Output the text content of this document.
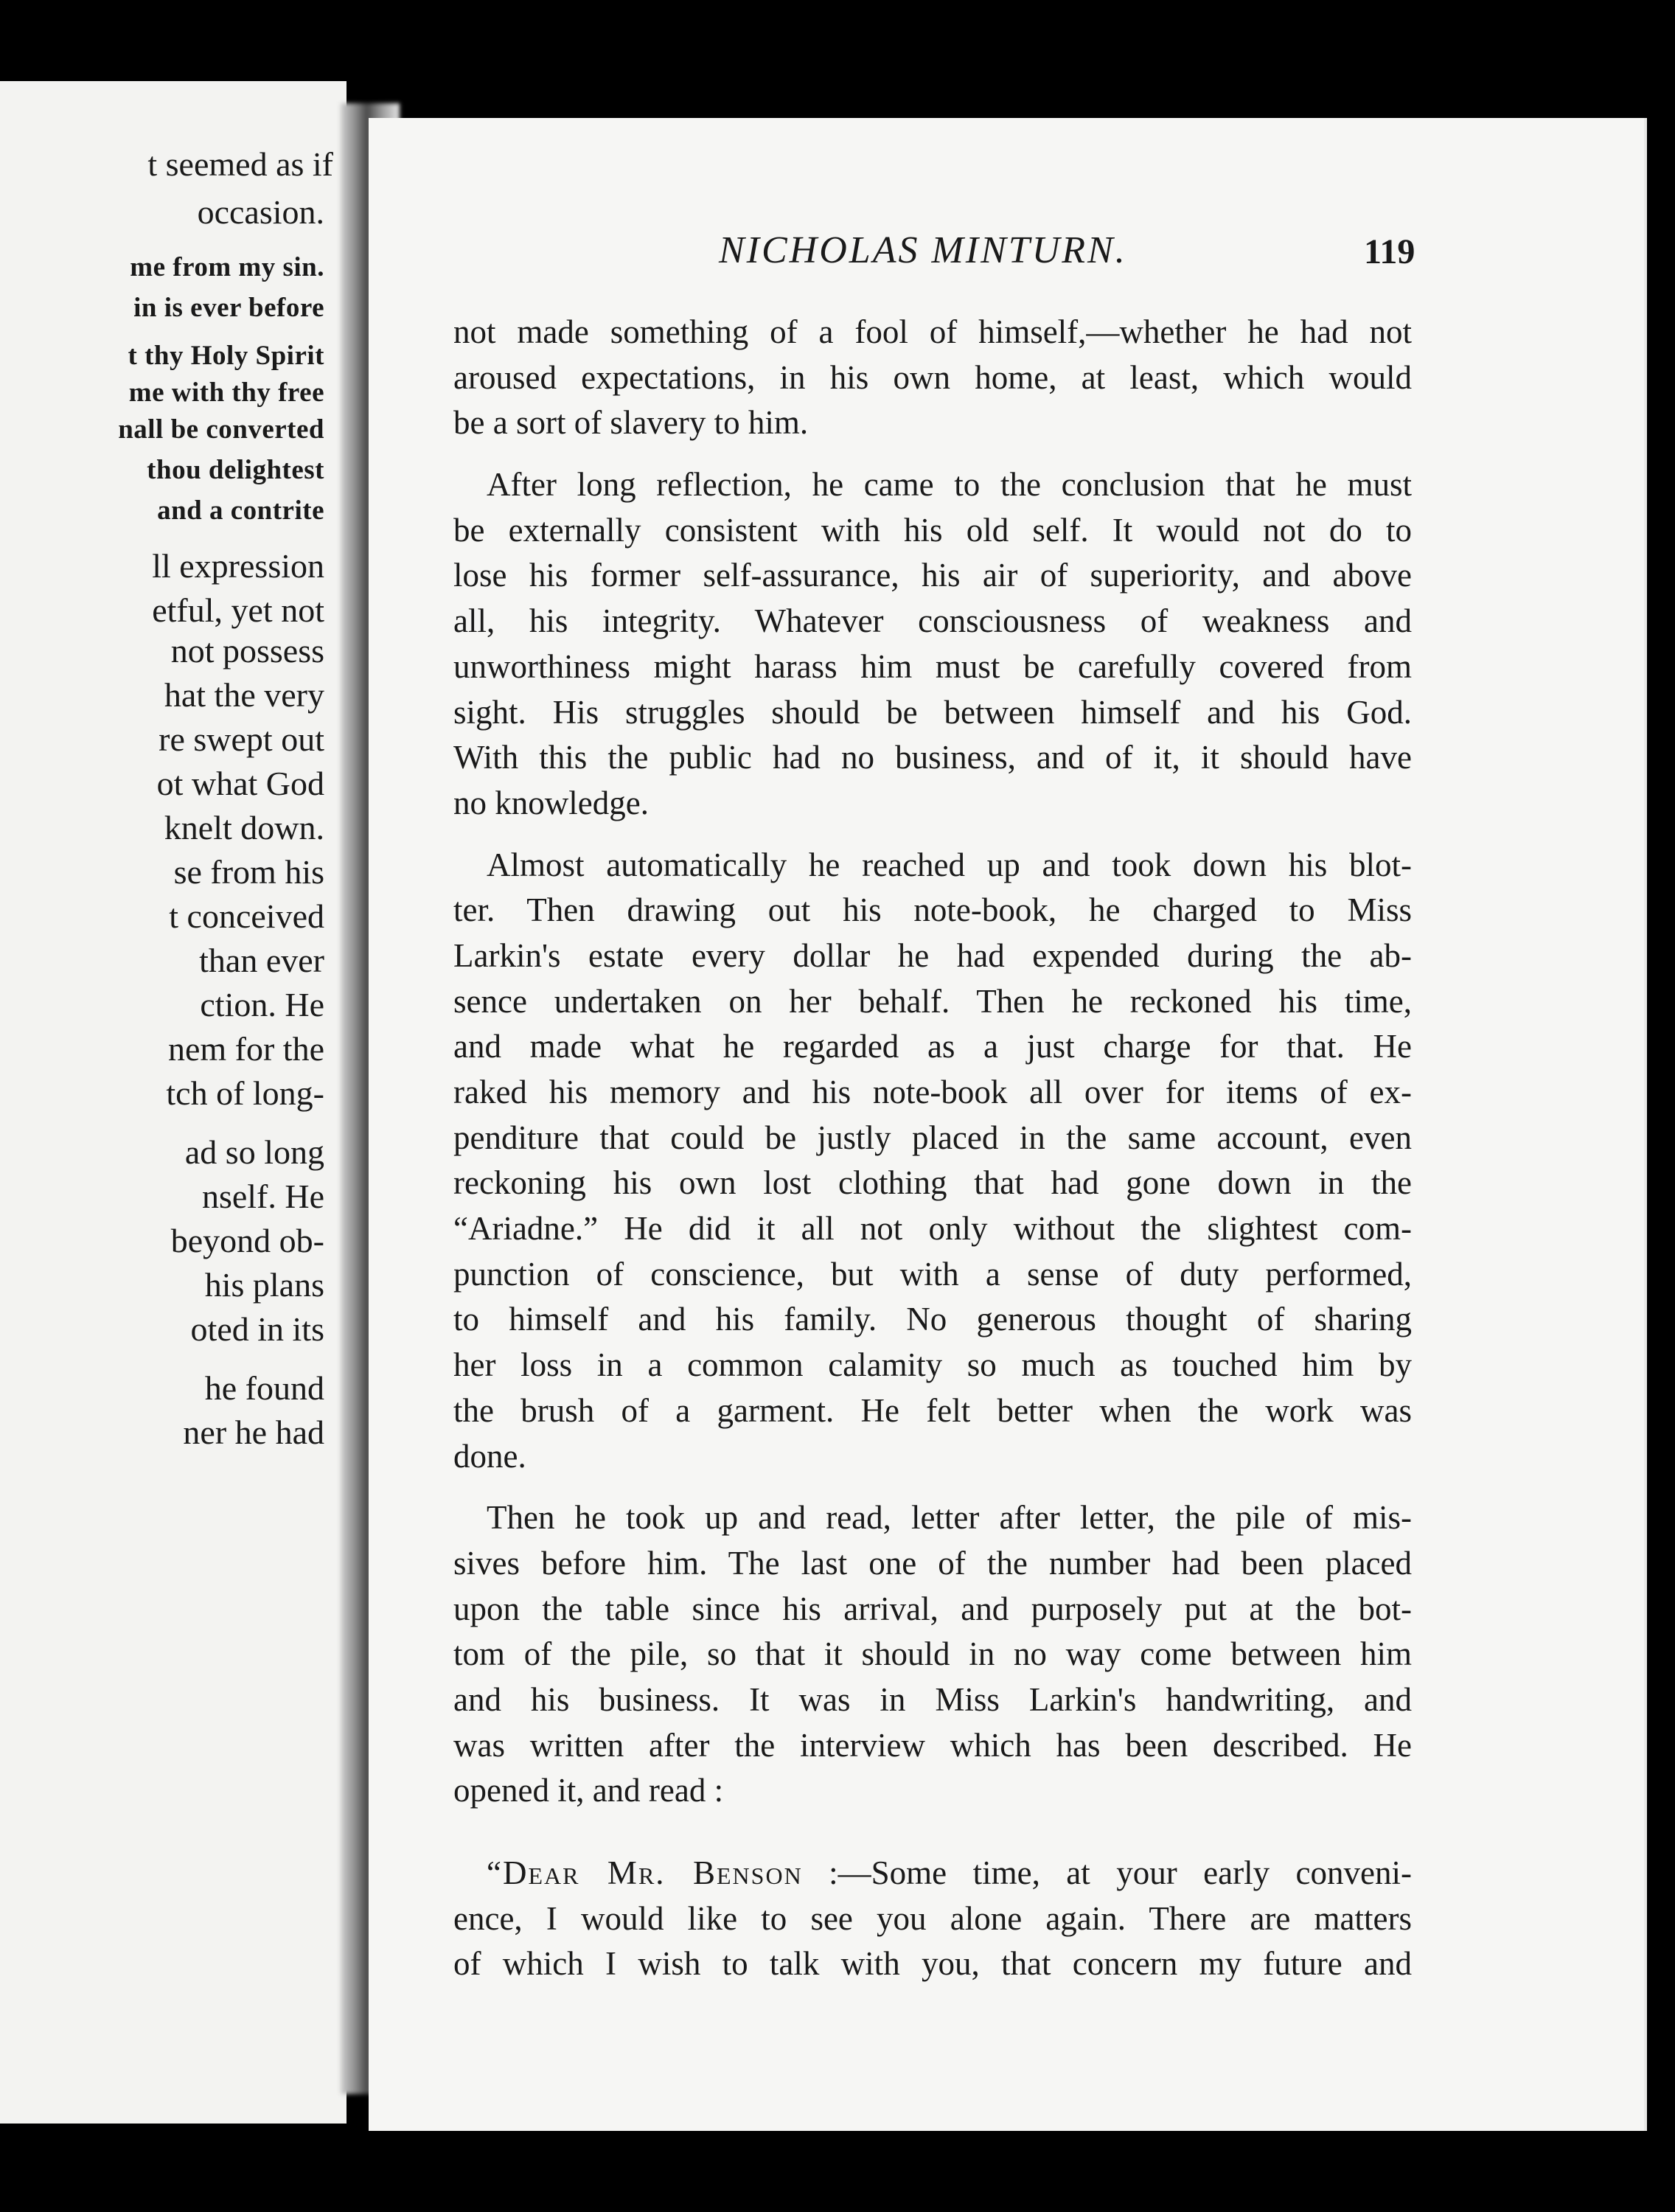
t seemed as if
occasion.
me from my sin.
in is ever before
t thy Holy Spirit
me with thy free
nall be converted
thou delightest
and a contrite
ll expression
etful, yet not
not possess
hat the very
re swept out
ot what God
knelt down.
se from his
t conceived
than ever
ction. He
nem for the
tch of long-
ad so long
nself. He
beyond ob-
his plans
oted in its
he found
ner he had
NICHOLAS MINTURN.	119
not made something of a fool of himself,—whether he had not
aroused expectations, in his own home, at least, which would
be a sort of slavery to him.
After long reflection, he came to the conclusion that he must
be externally consistent with his old self. It would not do to
lose his former self-assurance, his air of superiority, and above
all, his integrity. Whatever consciousness of weakness and
unworthiness might harass him must be carefully covered from
sight. His struggles should be between himself and his God.
With this the public had no business, and of it, it should have
no knowledge.
Almost automatically he reached up and took down his blot-
ter. Then drawing out his note-book, he charged to Miss
Larkin's estate every dollar he had expended during the ab-
sence undertaken on her behalf. Then he reckoned his time,
and made what he regarded as a just charge for that. He
raked his memory and his note-book all over for items of ex-
penditure that could be justly placed in the same account, even
reckoning his own lost clothing that had gone down in the
“Ariadne.” He did it all not only without the slightest com-
punction of conscience, but with a sense of duty performed,
to himself and his family. No generous thought of sharing
her loss in a common calamity so much as touched him by
the brush of a garment. He felt better when the work was
done.
Then he took up and read, letter after letter, the pile of mis-
sives before him. The last one of the number had been placed
upon the table since his arrival, and purposely put at the bot-
tom of the pile, so that it should in no way come between him
and his business. It was in Miss Larkin's handwriting, and
was written after the interview which has been described. He
opened it, and read :
“Dear Mr. Benson :—Some time, at your early conveni-
ence, I would like to see you alone again. There are matters
of which I wish to talk with you, that concern my future and
